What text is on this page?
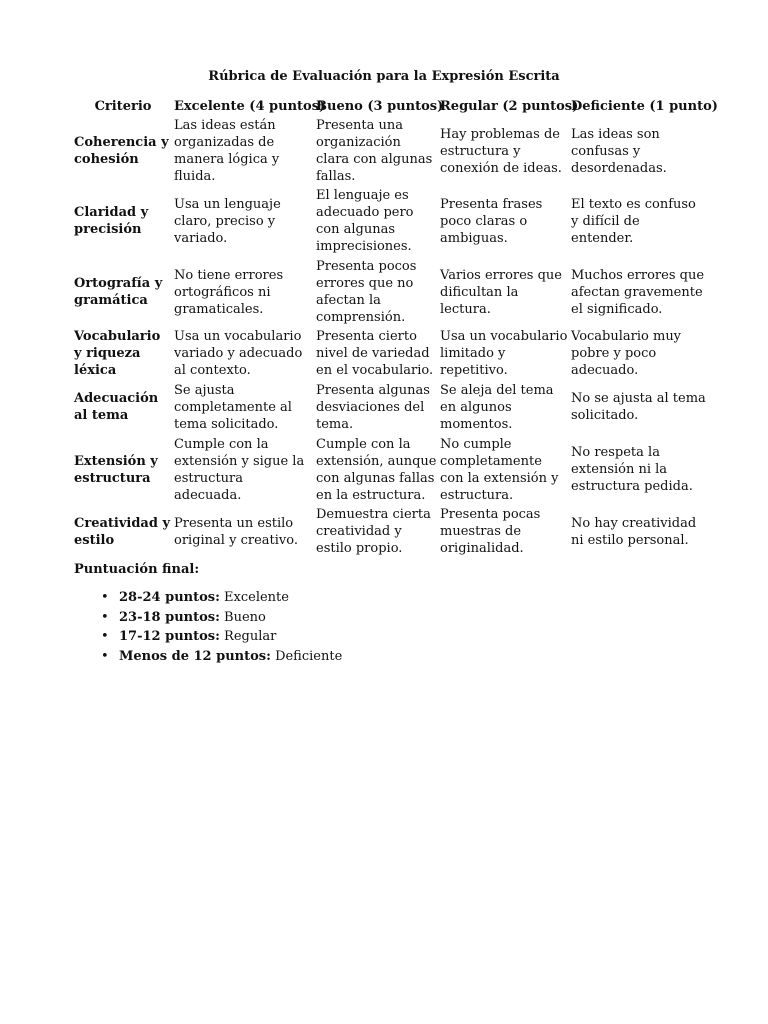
Rúbrica de Evaluación para la Expresión Escrita
Criterio	Excelente (4 puntos)	Bueno (3 puntos)	Regular (2 puntos)	Deficiente (1 punto)
Coherencia y cohesión	Las ideas están organizadas de manera lógica y fluida.	Presenta una organización clara con algunas fallas.	Hay problemas de estructura y conexión de ideas.	Las ideas son confusas y desordenadas.
Claridad y precisión	Usa un lenguaje claro, preciso y variado.	El lenguaje es adecuado pero con algunas imprecisiones.	Presenta frases poco claras o ambiguas.	El texto es confuso y difícil de entender.
Ortografía y gramática	No tiene errores ortográficos ni gramaticales.	Presenta pocos errores que no afectan la comprensión.	Varios errores que dificultan la lectura.	Muchos errores que afectan gravemente el significado.
Vocabulario y riqueza léxica	Usa un vocabulario variado y adecuado al contexto.	Presenta cierto nivel de variedad en el vocabulario.	Usa un vocabulario limitado y repetitivo.	Vocabulario muy pobre y poco adecuado.
Adecuación al tema	Se ajusta completamente al tema solicitado.	Presenta algunas desviaciones del tema.	Se aleja del tema en algunos momentos.	No se ajusta al tema solicitado.
Extensión y estructura	Cumple con la extensión y sigue la estructura adecuada.	Cumple con la extensión, aunque con algunas fallas en la estructura.	No cumple completamente con la extensión y estructura.	No respeta la extensión ni la estructura pedida.
Creatividad y estilo	Presenta un estilo original y creativo.	Demuestra cierta creatividad y estilo propio.	Presenta pocas muestras de originalidad.	No hay creatividad ni estilo personal.
Puntuación final:
• 28-24 puntos: Excelente
• 23-18 puntos: Bueno
• 17-12 puntos: Regular
• Menos de 12 puntos: Deficiente
